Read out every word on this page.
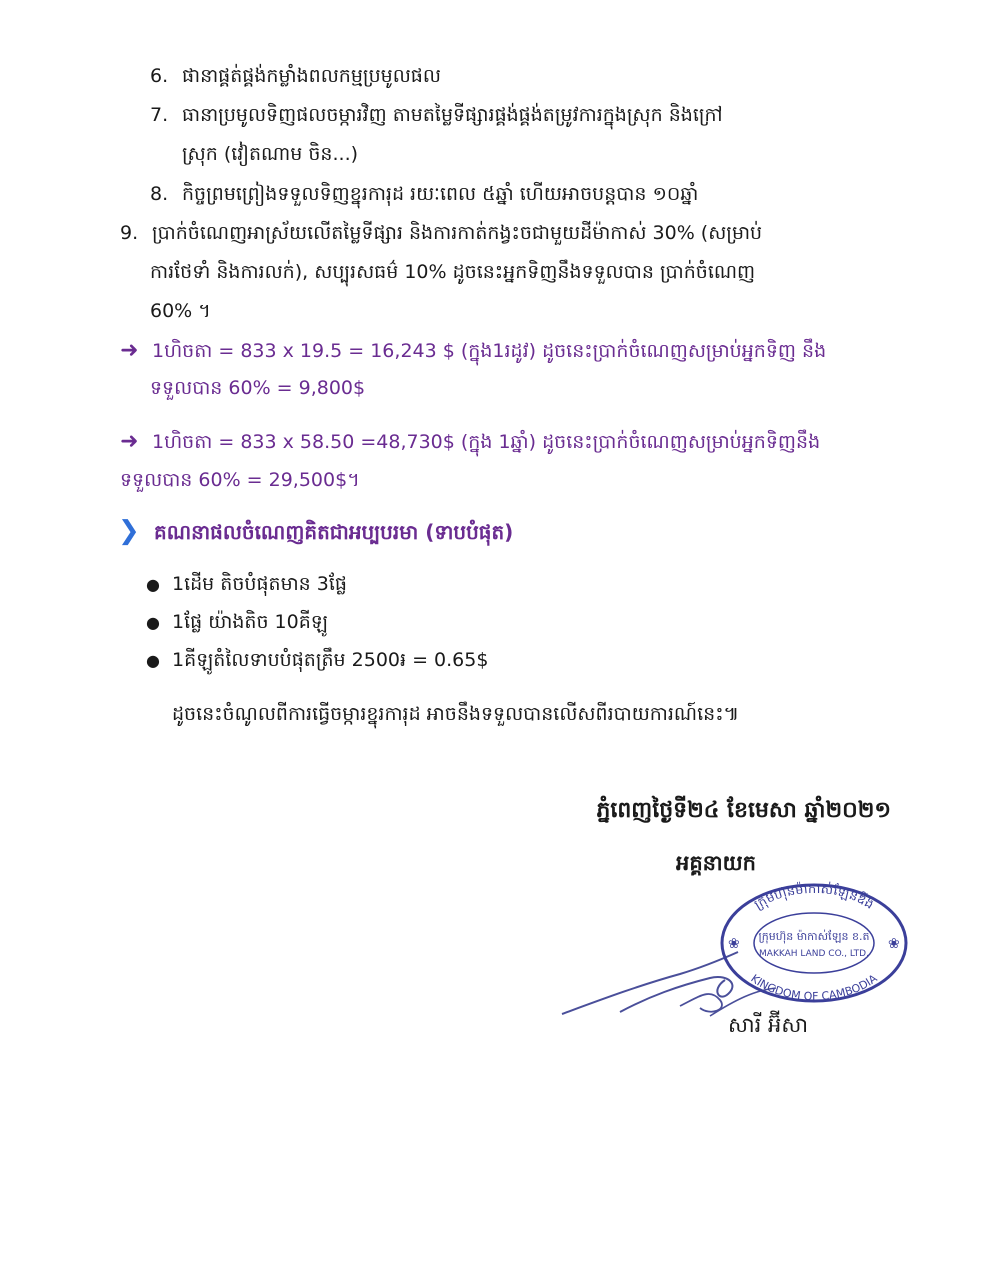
6. ផានាផ្គត់ផ្គង់កម្លាំងពលកម្មប្រមូលផល
7. ធានាប្រមូលទិញផលចម្ការវិញ តាមតម្លៃទីផ្សារផ្គង់ផ្គង់តម្រូវការក្នុងស្រុក និងក្រៅ
ស្រុក (វៀតណាម ចិន...)
8. កិច្ចព្រមព្រៀងទទួលទិញខ្នុរការុដ រយៈពេល ៥ឆ្នាំ ហើយអាចបន្តបាន ១០ឆ្នាំ
9. ប្រាក់ចំណេញអាស្រ័យលើតម្លៃទីផ្សារ និងការកាត់កង្វះចជាមួយដីម៉ាកាស់ 30% (សម្រាប់
ការថែទាំ និងការលក់), សប្បុរសធម៌ 10% ដូចនេះអ្នកទិញនឹងទទួលបាន ប្រាក់ចំណេញ
60% ។
➜ 1ហិចតា = 833 x 19.5 = 16,243 $ (ក្នុង1រដូវ) ដូចនេះប្រាក់ចំណេញសម្រាប់អ្នកទិញ នឹង
ទទួលបាន 60% = 9,800$
➜ 1ហិចតា = 833 x 58.50 =48,730$ (ក្នុង 1ឆ្នាំ) ដូចនេះប្រាក់ចំណេញសម្រាប់អ្នកទិញនឹង
ទទួលបាន 60% = 29,500$។
❯ គណនាផលចំណេញគិតជាអប្បបរមា (ទាបបំផុត)
● 1ដើម តិចបំផុតមាន 3ផ្លែ
● 1ផ្លែ យ៉ាងតិច 10គីឡូ
● 1គីឡូតំលៃទាបបំផុតត្រឹម 2500៛ = 0.65$
ដូចនេះចំណូលពីការធ្វើចម្ការខ្នុរការុដ អាចនឹងទទួលបានលើសពីរបាយការណ៍នេះ៕
ភ្នំពេញថ្ងៃទី២៤ ខែមេសា ឆ្នាំ២០២១
អគ្គនាយក
ក្រុមហ៊ុនម៉ាកាស់ឡែនឌីង
ក្រុមហ៊ុន ម៉ាកាស់ឡែន ខ.ត
MAKKAH LAND CO., LTD.
KINGDOM OF CAMBODIA
❀	❀
សារី អ៊ីសា
